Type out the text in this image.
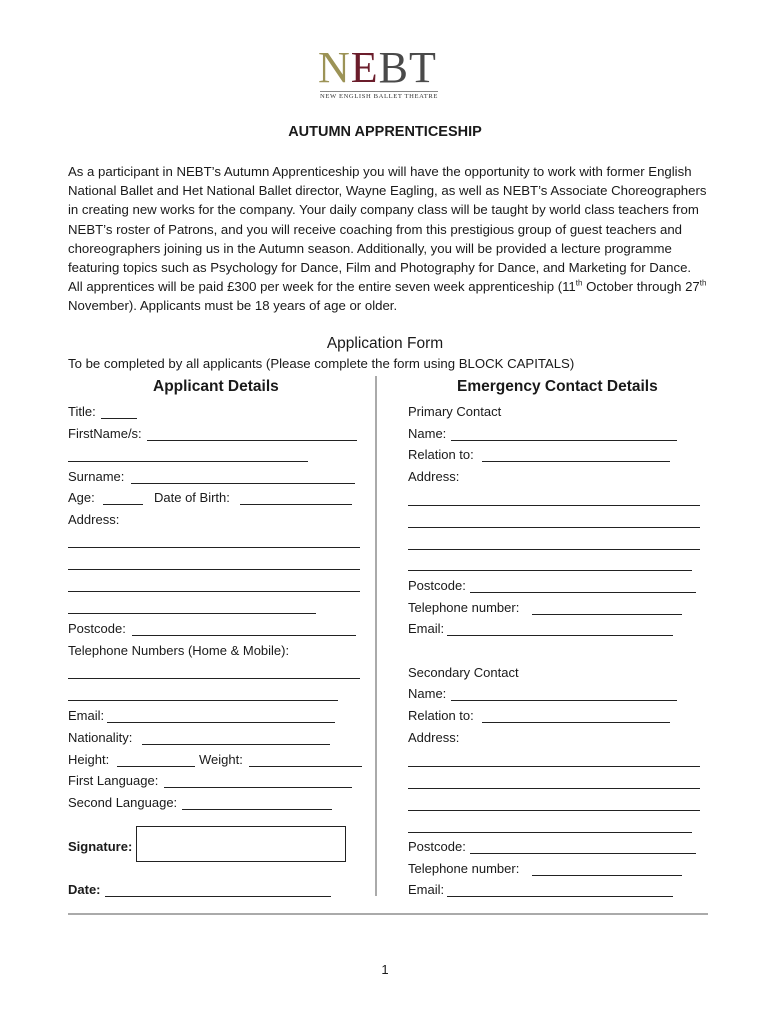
NEBT
NEW ENGLISH BALLET THEATRE
AUTUMN APPRENTICESHIP
As a participant in NEBT’s Autumn Apprenticeship you will have the opportunity to work with former English National Ballet and Het National Ballet director, Wayne Eagling, as well as NEBT’s Associate Choreographers in creating new works for the company. Your daily company class will be taught by world class teachers from NEBT’s roster of Patrons, and you will receive coaching from this prestigious group of guest teachers and choreographers joining us in the Autumn season. Additionally, you will be provided a lecture programme featuring topics such as Psychology for Dance, Film and Photography for Dance, and Marketing for Dance. All apprentices will be paid £300 per week for the entire seven week apprenticeship (11th October through 27th November). Applicants must be 18 years of age or older.
Application Form
To be completed by all applicants (Please complete the form using BLOCK CAPITALS)
Applicant Details	Emergency Contact Details
Title:
FirstName/s:
Surname:
Age:	Date of Birth:
Address:
Postcode:
Telephone Numbers (Home & Mobile):
Email:
Nationality:
Height:	Weight:
First Language:
Second Language:
Signature:
Date:
Primary Contact
Name:
Relation to:
Address:
Postcode:
Telephone number:
Email:
Secondary Contact
Name:
Relation to:
Address:
Postcode:
Telephone number:
Email:
1
